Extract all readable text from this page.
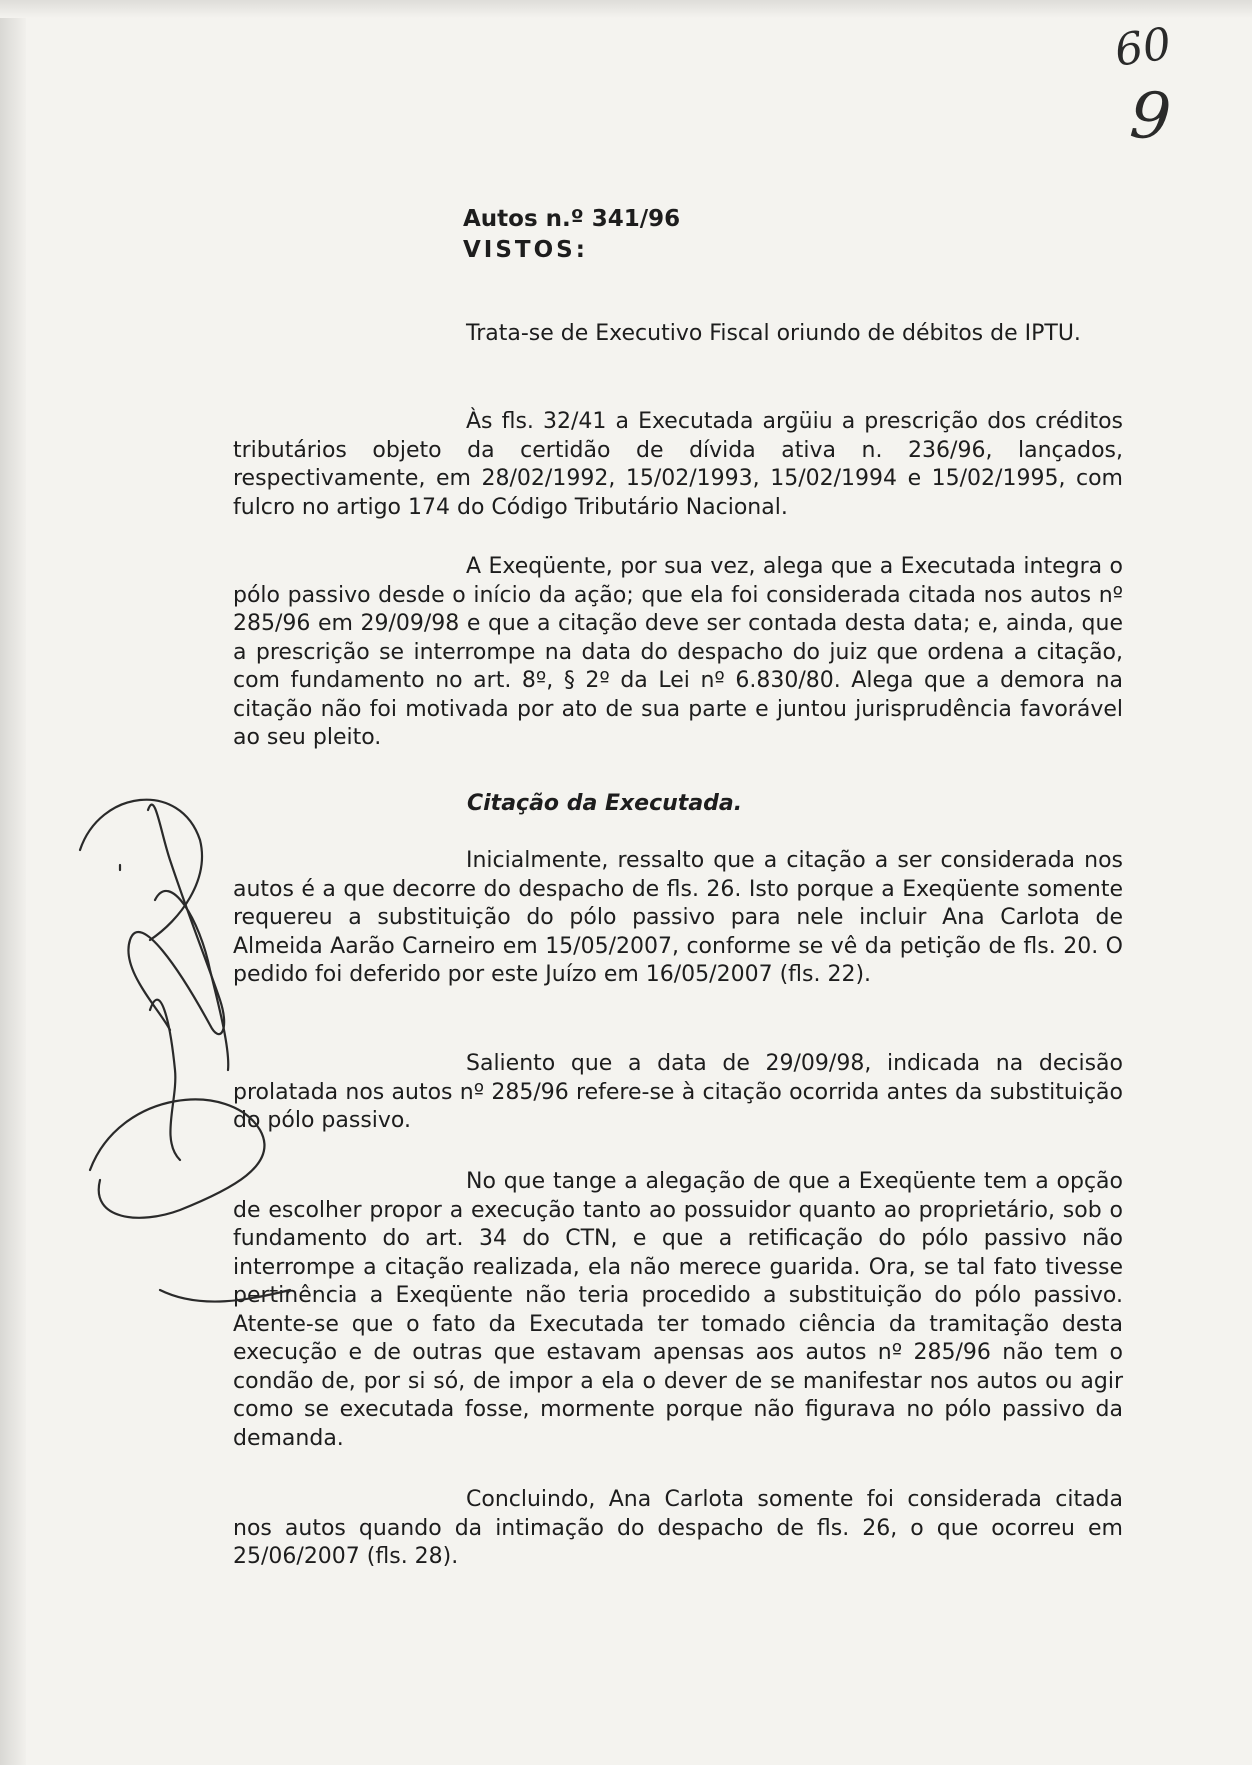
60
9
Autos n.º 341/96
VISTOS:
Trata-se de Executivo Fiscal oriundo de débitos de IPTU.
Às fls. 32/41 a Executada argüiu a prescrição dos créditos tributários objeto da certidão de dívida ativa n. 236/96, lançados, respectivamente, em 28/02/1992, 15/02/1993, 15/02/1994 e 15/02/1995, com fulcro no artigo 174 do Código Tributário Nacional.
A Exeqüente, por sua vez, alega que a Executada integra o pólo passivo desde o início da ação; que ela foi considerada citada nos autos nº 285/96 em 29/09/98 e que a citação deve ser contada desta data; e, ainda, que a prescrição se interrompe na data do despacho do juiz que ordena a citação, com fundamento no art. 8º, § 2º da Lei nº 6.830/80. Alega que a demora na citação não foi motivada por ato de sua parte e juntou jurisprudência favorável ao seu pleito.
Citação da Executada.
Inicialmente, ressalto que a citação a ser considerada nos autos é a que decorre do despacho de fls. 26. Isto porque a Exeqüente somente requereu a substituição do pólo passivo para nele incluir Ana Carlota de Almeida Aarão Carneiro em 15/05/2007, conforme se vê da petição de fls. 20. O pedido foi deferido por este Juízo em 16/05/2007 (fls. 22).
Saliento que a data de 29/09/98, indicada na decisão prolatada nos autos nº 285/96 refere-se à citação ocorrida antes da substituição do pólo passivo.
No que tange a alegação de que a Exeqüente tem a opção de escolher propor a execução tanto ao possuidor quanto ao proprietário, sob o fundamento do art. 34 do CTN, e que a retificação do pólo passivo não interrompe a citação realizada, ela não merece guarida. Ora, se tal fato tivesse pertinência a Exeqüente não teria procedido a substituição do pólo passivo. Atente-se que o fato da Executada ter tomado ciência da tramitação desta execução e de outras que estavam apensas aos autos nº 285/96 não tem o condão de, por si só, de impor a ela o dever de se manifestar nos autos ou agir como se executada fosse, mormente porque não figurava no pólo passivo da demanda.
Concluindo, Ana Carlota somente foi considerada citada nos autos quando da intimação do despacho de fls. 26, o que ocorreu em 25/06/2007 (fls. 28).
